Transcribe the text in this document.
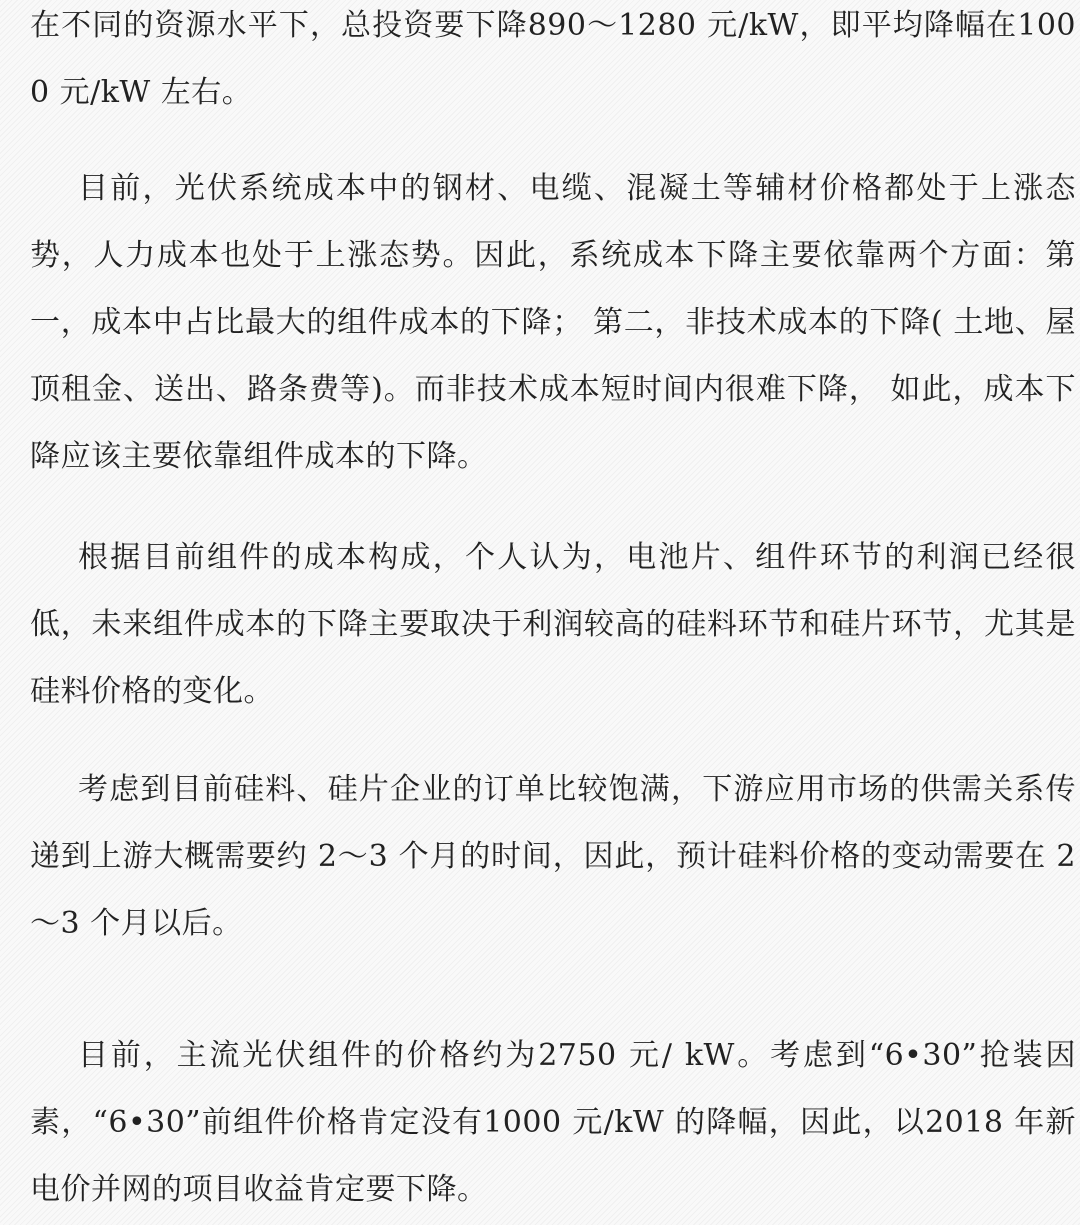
在不同的资源水平下，总投资要下降890～1280 元/kW，即平均降幅在1000 元/kW 左右。

目前，光伏系统成本中的钢材、电缆、混凝土等辅材价格都处于上涨态势，人力成本也处于上涨态势。因此，系统成本下降主要依靠两个方面：第一，成本中占比最大的组件成本的下降； 第二，非技术成本的下降( 土地、屋顶租金、送出、路条费等)。而非技术成本短时间内很难下降， 如此，成本下降应该主要依靠组件成本的下降。

根据目前组件的成本构成，个人认为，电池片、组件环节的利润已经很低，未来组件成本的下降主要取决于利润较高的硅料环节和硅片环节，尤其是硅料价格的变化。

考虑到目前硅料、硅片企业的订单比较饱满，下游应用市场的供需关系传递到上游大概需要约 2～3 个月的时间，因此，预计硅料价格的变动需要在 2～3 个月以后。

目前，主流光伏组件的价格约为2750 元/ kW。考虑到“6•30”抢装因素，“6•30”前组件价格肯定没有1000 元/kW 的降幅，因此，以2018 年新电价并网的项目收益肯定要下降。
